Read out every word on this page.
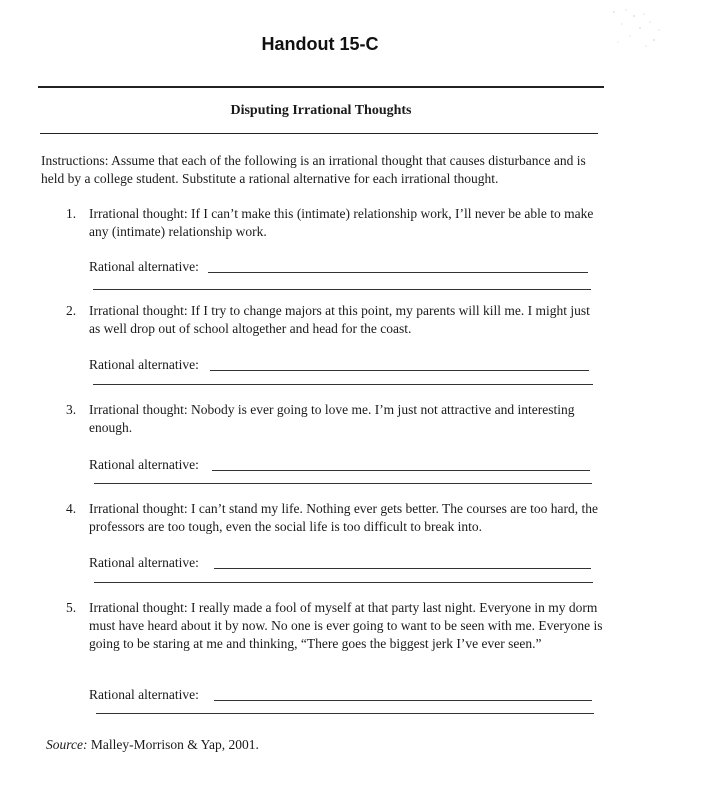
Handout 15-C
Disputing Irrational Thoughts
Instructions: Assume that each of the following is an irrational thought that causes disturbance and is held by a college student. Substitute a rational alternative for each irrational thought.
1. Irrational thought: If I can’t make this (intimate) relationship work, I’ll never be able to make any (intimate) relationship work.
Rational alternative:
2. Irrational thought: If I try to change majors at this point, my parents will kill me. I might just as well drop out of school altogether and head for the coast.
Rational alternative:
3. Irrational thought: Nobody is ever going to love me. I’m just not attractive and interesting enough.
Rational alternative:
4. Irrational thought: I can’t stand my life. Nothing ever gets better. The courses are too hard, the professors are too tough, even the social life is too difficult to break into.
Rational alternative:
5. Irrational thought: I really made a fool of myself at that party last night. Everyone in my dorm must have heard about it by now. No one is ever going to want to be seen with me. Everyone is going to be staring at me and thinking, “There goes the biggest jerk I’ve ever seen.”
Rational alternative:
Source: Malley-Morrison & Yap, 2001.
